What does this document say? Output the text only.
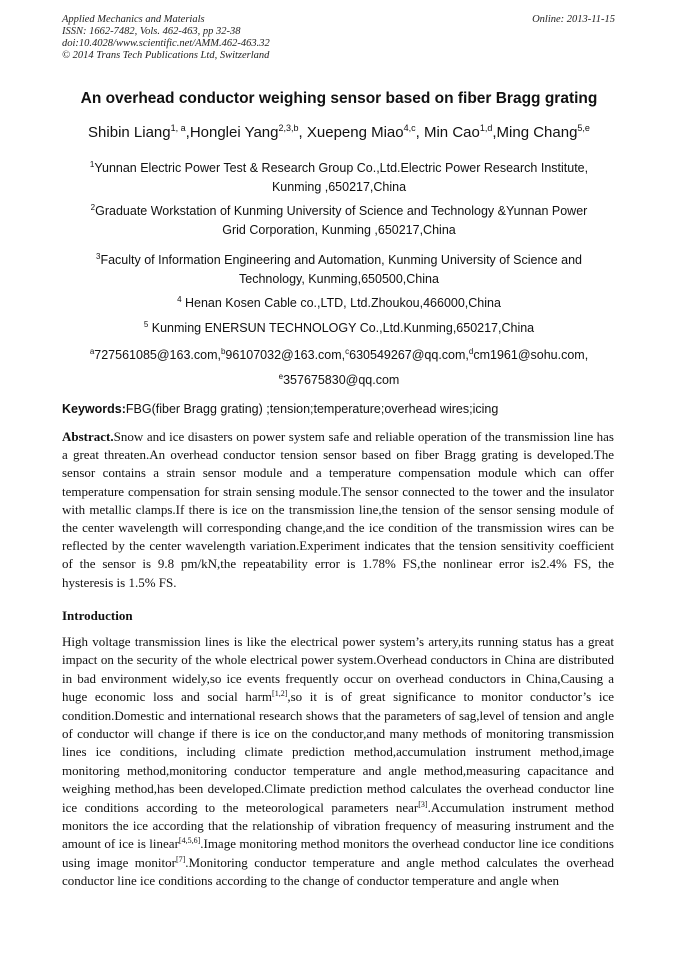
Applied Mechanics and Materials
ISSN: 1662-7482, Vols. 462-463, pp 32-38
doi:10.4028/www.scientific.net/AMM.462-463.32
© 2014 Trans Tech Publications Ltd, Switzerland
Online: 2013-11-15
An overhead conductor weighing sensor based on fiber Bragg grating
Shibin Liang$^{1, a}$,Honglei Yang$^{2,3,b}$, Xuepeng Miao$^{4,c}$, Min Cao$^{1,d}$,Ming Chang$^{5,e}$
$^1$Yunnan Electric Power Test & Research Group Co.,Ltd.Electric Power Research Institute, Kunming ,650217,China
$^2$Graduate Workstation of Kunming University of Science and Technology &Yunnan Power Grid Corporation, Kunming ,650217,China
$^3$Faculty of Information Engineering and Automation, Kunming University of Science and Technology, Kunming,650500,China
$^4$ Henan Kosen Cable co.,LTD, Ltd.Zhoukou,466000,China
$^5$ Kunming ENERSUN TECHNOLOGY Co.,Ltd.Kunming,650217,China
$^a$727561085@163.com,$^b$96107032@163.com,$^c$630549267@qq.com,$^d$cm1961@sohu.com,
$^e$357675830@qq.com
Keywords:FBG(fiber Bragg grating) ;tension;temperature;overhead wires;icing
Abstract.Snow and ice disasters on power system safe and reliable operation of the transmission line has a great threaten.An overhead conductor tension sensor based on fiber Bragg grating is developed.The sensor contains a strain sensor module and a temperature compensation module which can offer temperature compensation for strain sensing module.The sensor connected to the tower and the insulator with metallic clamps.If there is ice on the transmission line,the tension of the sensor sensing module of the center wavelength will corresponding change,and the ice condition of the transmission wires can be reflected by the center wavelength variation.Experiment indicates that the tension sensitivity coefficient of the sensor is 9.8 pm/kN,the repeatability error is 1.78% FS,the nonlinear error is2.4% FS, the hysteresis is 1.5% FS.
Introduction
High voltage transmission lines is like the electrical power system’s artery,its running status has a great impact on the security of the whole electrical power system.Overhead conductors in China are distributed in bad environment widely,so ice events frequently occur on overhead conductors in China,Causing a huge economic loss and social harm[1,2],so it is of great significance to monitor conductor’s ice condition.Domestic and international research shows that the parameters of sag,level of tension and angle of conductor will change if there is ice on the conductor,and many methods of monitoring transmission lines ice conditions, including climate prediction method,accumulation instrument method,image monitoring method,monitoring conductor temperature and angle method,measuring capacitance and weighing method,has been developed.Climate prediction method calculates the overhead conductor line ice conditions according to the meteorological parameters near[3].Accumulation instrument method monitors the ice according that the relationship of vibration frequency of measuring instrument and the amount of ice is linear[4,5,6].Image monitoring method monitors the overhead conductor line ice conditions using image monitor[7].Monitoring conductor temperature and angle method calculates the overhead conductor line ice conditions according to the change of conductor temperature and angle when
